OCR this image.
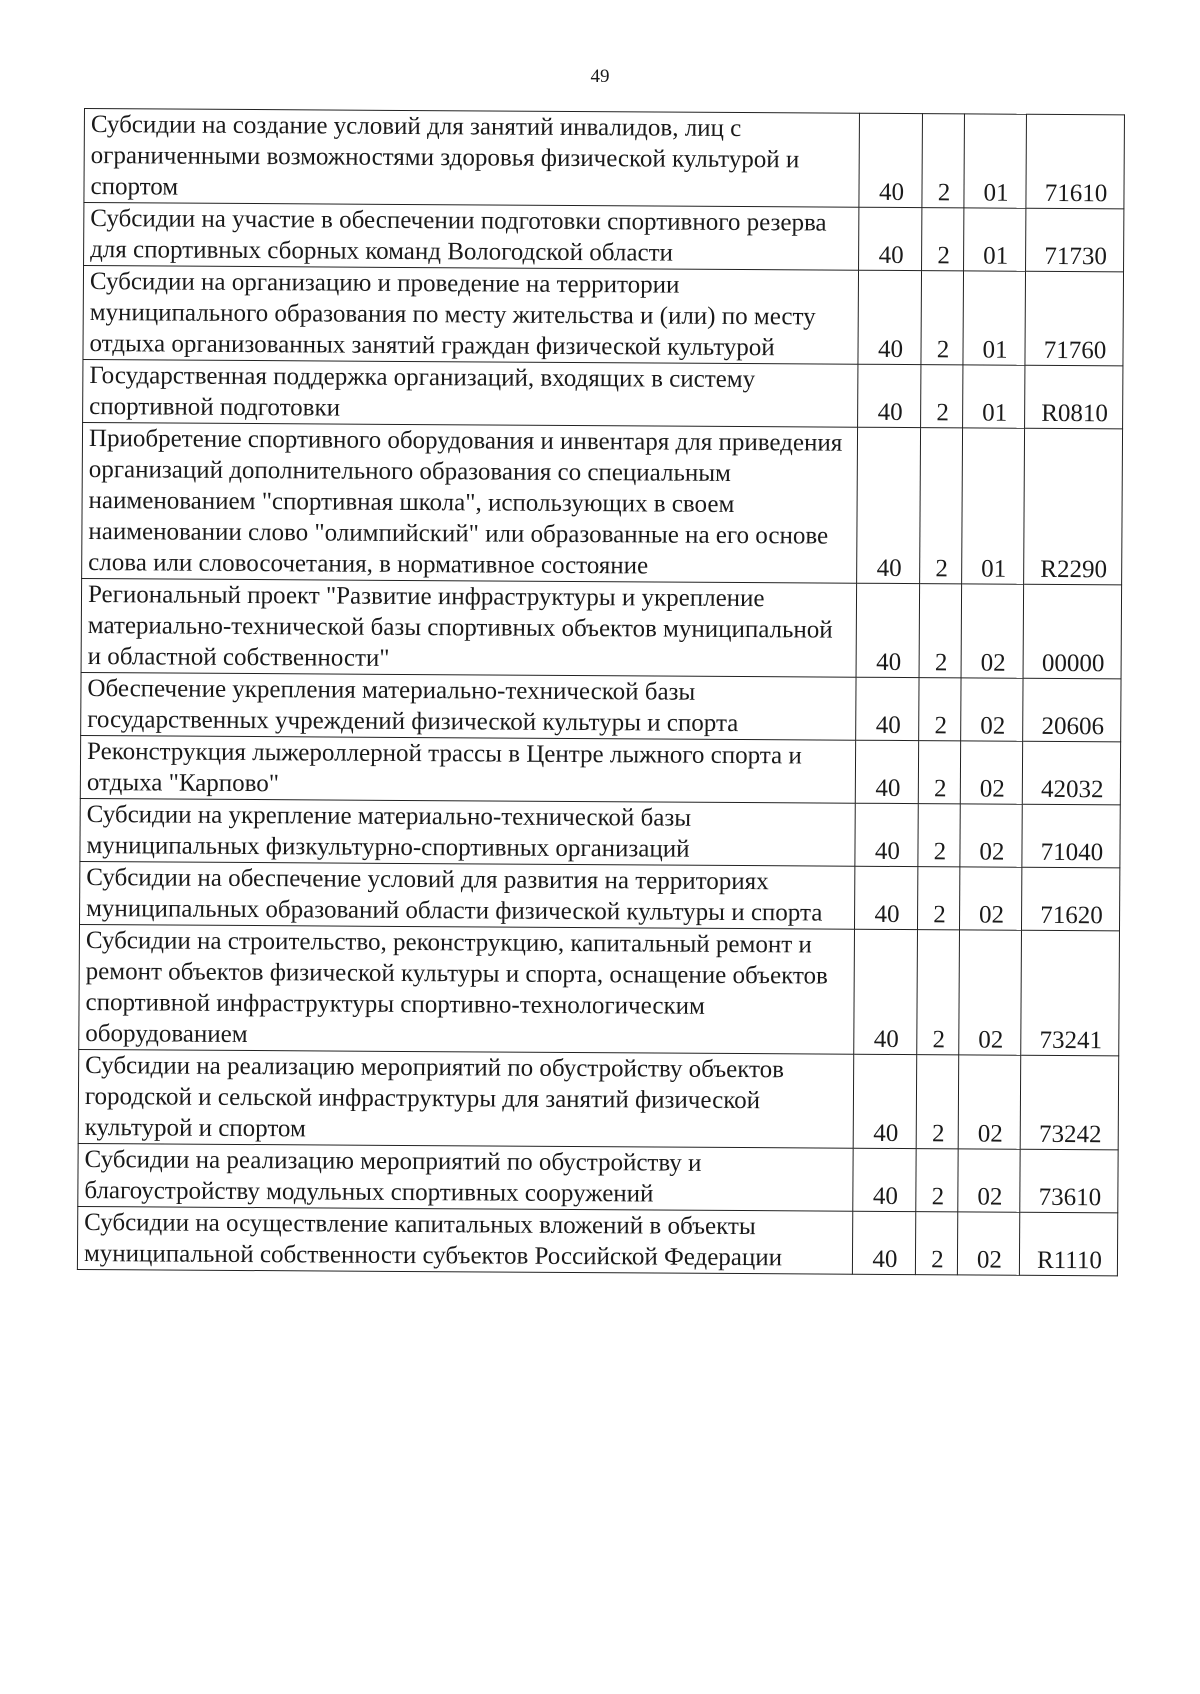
49
Субсидии на создание условий для занятий инвалидов, лиц с ограниченными возможностями здоровья физической культурой и спортом	40	2	01	71610
Субсидии на участие в обеспечении подготовки спортивного резерва для спортивных сборных команд Вологодской области	40	2	01	71730
Субсидии на организацию и проведение на территории муниципального образования по месту жительства и (или) по месту отдыха организованных занятий граждан физической культурой	40	2	01	71760
Государственная поддержка организаций, входящих в систему спортивной подготовки	40	2	01	R0810
Приобретение спортивного оборудования и инвентаря для приведения организаций дополнительного образования со специальным наименованием "спортивная школа", использующих в своем наименовании слово "олимпийский" или образованные на его основе слова или словосочетания, в нормативное состояние	40	2	01	R2290
Региональный проект "Развитие инфраструктуры и укрепление материально-технической базы спортивных объектов муниципальной и областной собственности"	40	2	02	00000
Обеспечение укрепления материально-технической базы государственных учреждений физической культуры и спорта	40	2	02	20606
Реконструкция лыжероллерной трассы в Центре лыжного спорта и отдыха "Карпово"	40	2	02	42032
Субсидии на укрепление материально-технической базы муниципальных физкультурно-спортивных организаций	40	2	02	71040
Субсидии на обеспечение условий для развития на территориях муниципальных образований области физической культуры и спорта	40	2	02	71620
Субсидии на строительство, реконструкцию, капитальный ремонт и ремонт объектов физической культуры и спорта, оснащение объектов спортивной инфраструктуры спортивно-технологическим оборудованием	40	2	02	73241
Субсидии на реализацию мероприятий по обустройству объектов городской и сельской инфраструктуры для занятий физической культурой и спортом	40	2	02	73242
Субсидии на реализацию мероприятий по обустройству и благоустройству модульных спортивных сооружений	40	2	02	73610
Субсидии на осуществление капитальных вложений в объекты муниципальной собственности субъектов Российской Федерации	40	2	02	R1110
